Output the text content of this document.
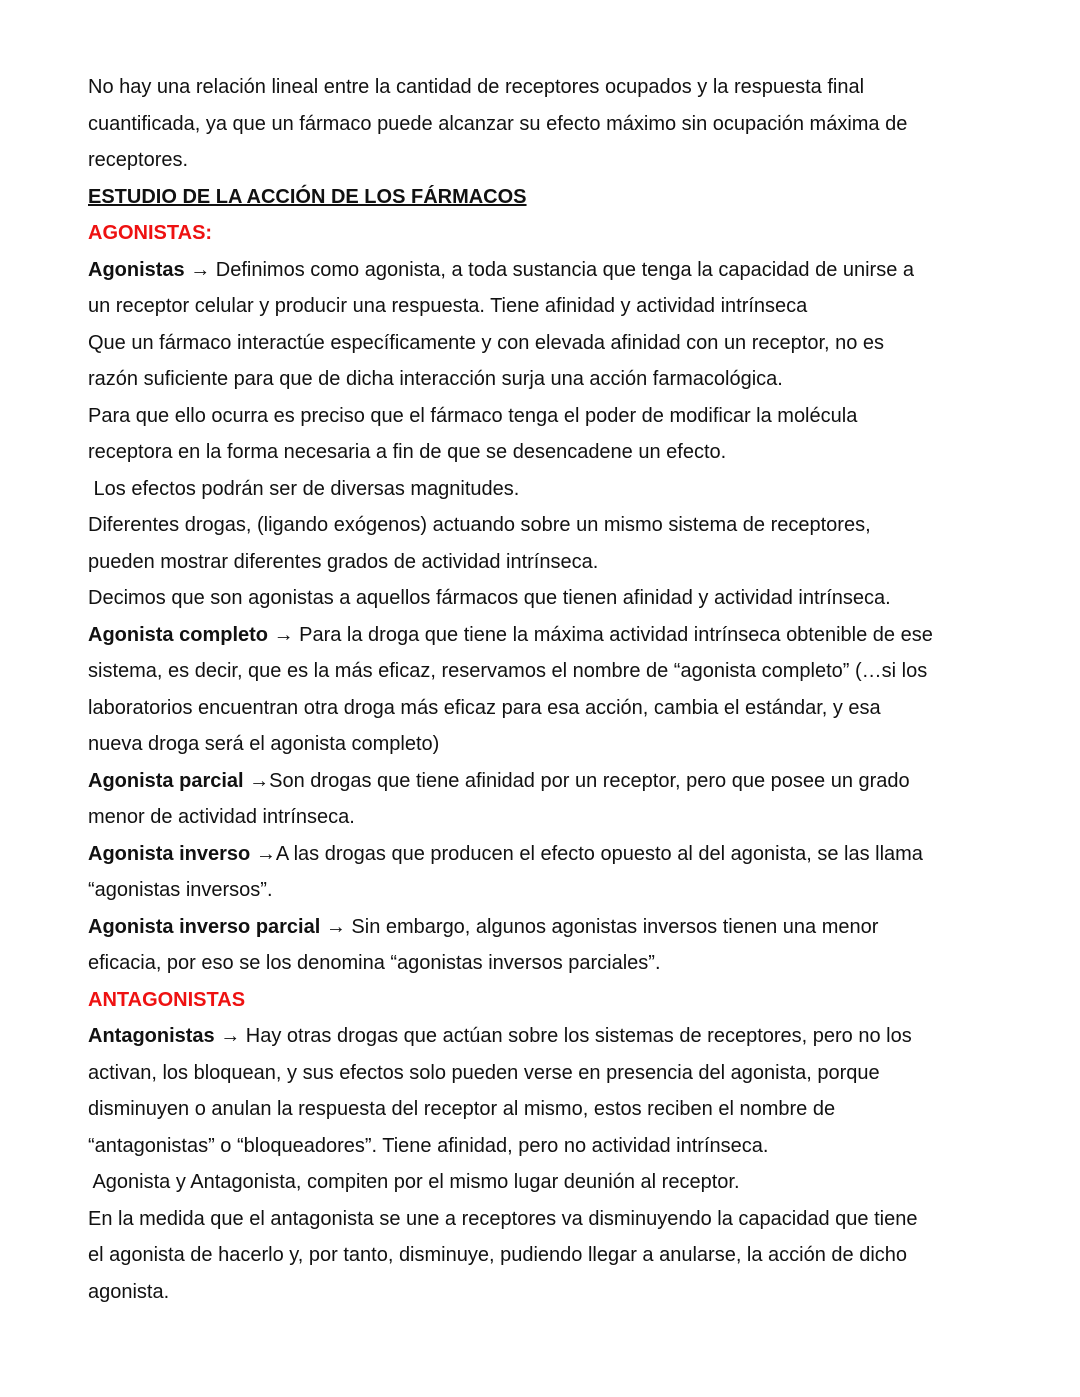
No hay una relación lineal entre la cantidad de receptores ocupados y la respuesta final
cuantificada, ya que un fármaco puede alcanzar su efecto máximo sin ocupación máxima de
receptores.
ESTUDIO DE LA ACCIÓN DE LOS FÁRMACOS
AGONISTAS:
Agonistas → Definimos como agonista, a toda sustancia que tenga la capacidad de unirse a
un receptor celular y producir una respuesta. Tiene afinidad y actividad intrínseca
Que un fármaco interactúe específicamente y con elevada afinidad con un receptor, no es
razón suficiente para que de dicha interacción surja una acción farmacológica.
Para que ello ocurra es preciso que el fármaco tenga el poder de modificar la molécula
receptora en la forma necesaria a fin de que se desencadene un efecto.
Los efectos podrán ser de diversas magnitudes.
Diferentes drogas, (ligando exógenos) actuando sobre un mismo sistema de receptores,
pueden mostrar diferentes grados de actividad intrínseca.
Decimos que son agonistas a aquellos fármacos que tienen afinidad y actividad intrínseca.
Agonista completo → Para la droga que tiene la máxima actividad intrínseca obtenible de ese
sistema, es decir, que es la más eficaz, reservamos el nombre de “agonista completo” (…si los
laboratorios encuentran otra droga más eficaz para esa acción, cambia el estándar, y esa
nueva droga será el agonista completo)
Agonista parcial →Son drogas que tiene afinidad por un receptor, pero que posee un grado
menor de actividad intrínseca.
Agonista inverso →A las drogas que producen el efecto opuesto al del agonista, se las llama
“agonistas inversos”.
Agonista inverso parcial → Sin embargo, algunos agonistas inversos tienen una menor
eficacia, por eso se los denomina “agonistas inversos parciales”.
ANTAGONISTAS
Antagonistas → Hay otras drogas que actúan sobre los sistemas de receptores, pero no los
activan, los bloquean, y sus efectos solo pueden verse en presencia del agonista, porque
disminuyen o anulan la respuesta del receptor al mismo, estos reciben el nombre de
“antagonistas” o “bloqueadores”. Tiene afinidad, pero no actividad intrínseca.
Agonista y Antagonista, compiten por el mismo lugar deunión al receptor.
En la medida que el antagonista se une a receptores va disminuyendo la capacidad que tiene
el agonista de hacerlo y, por tanto, disminuye, pudiendo llegar a anularse, la acción de dicho
agonista.
